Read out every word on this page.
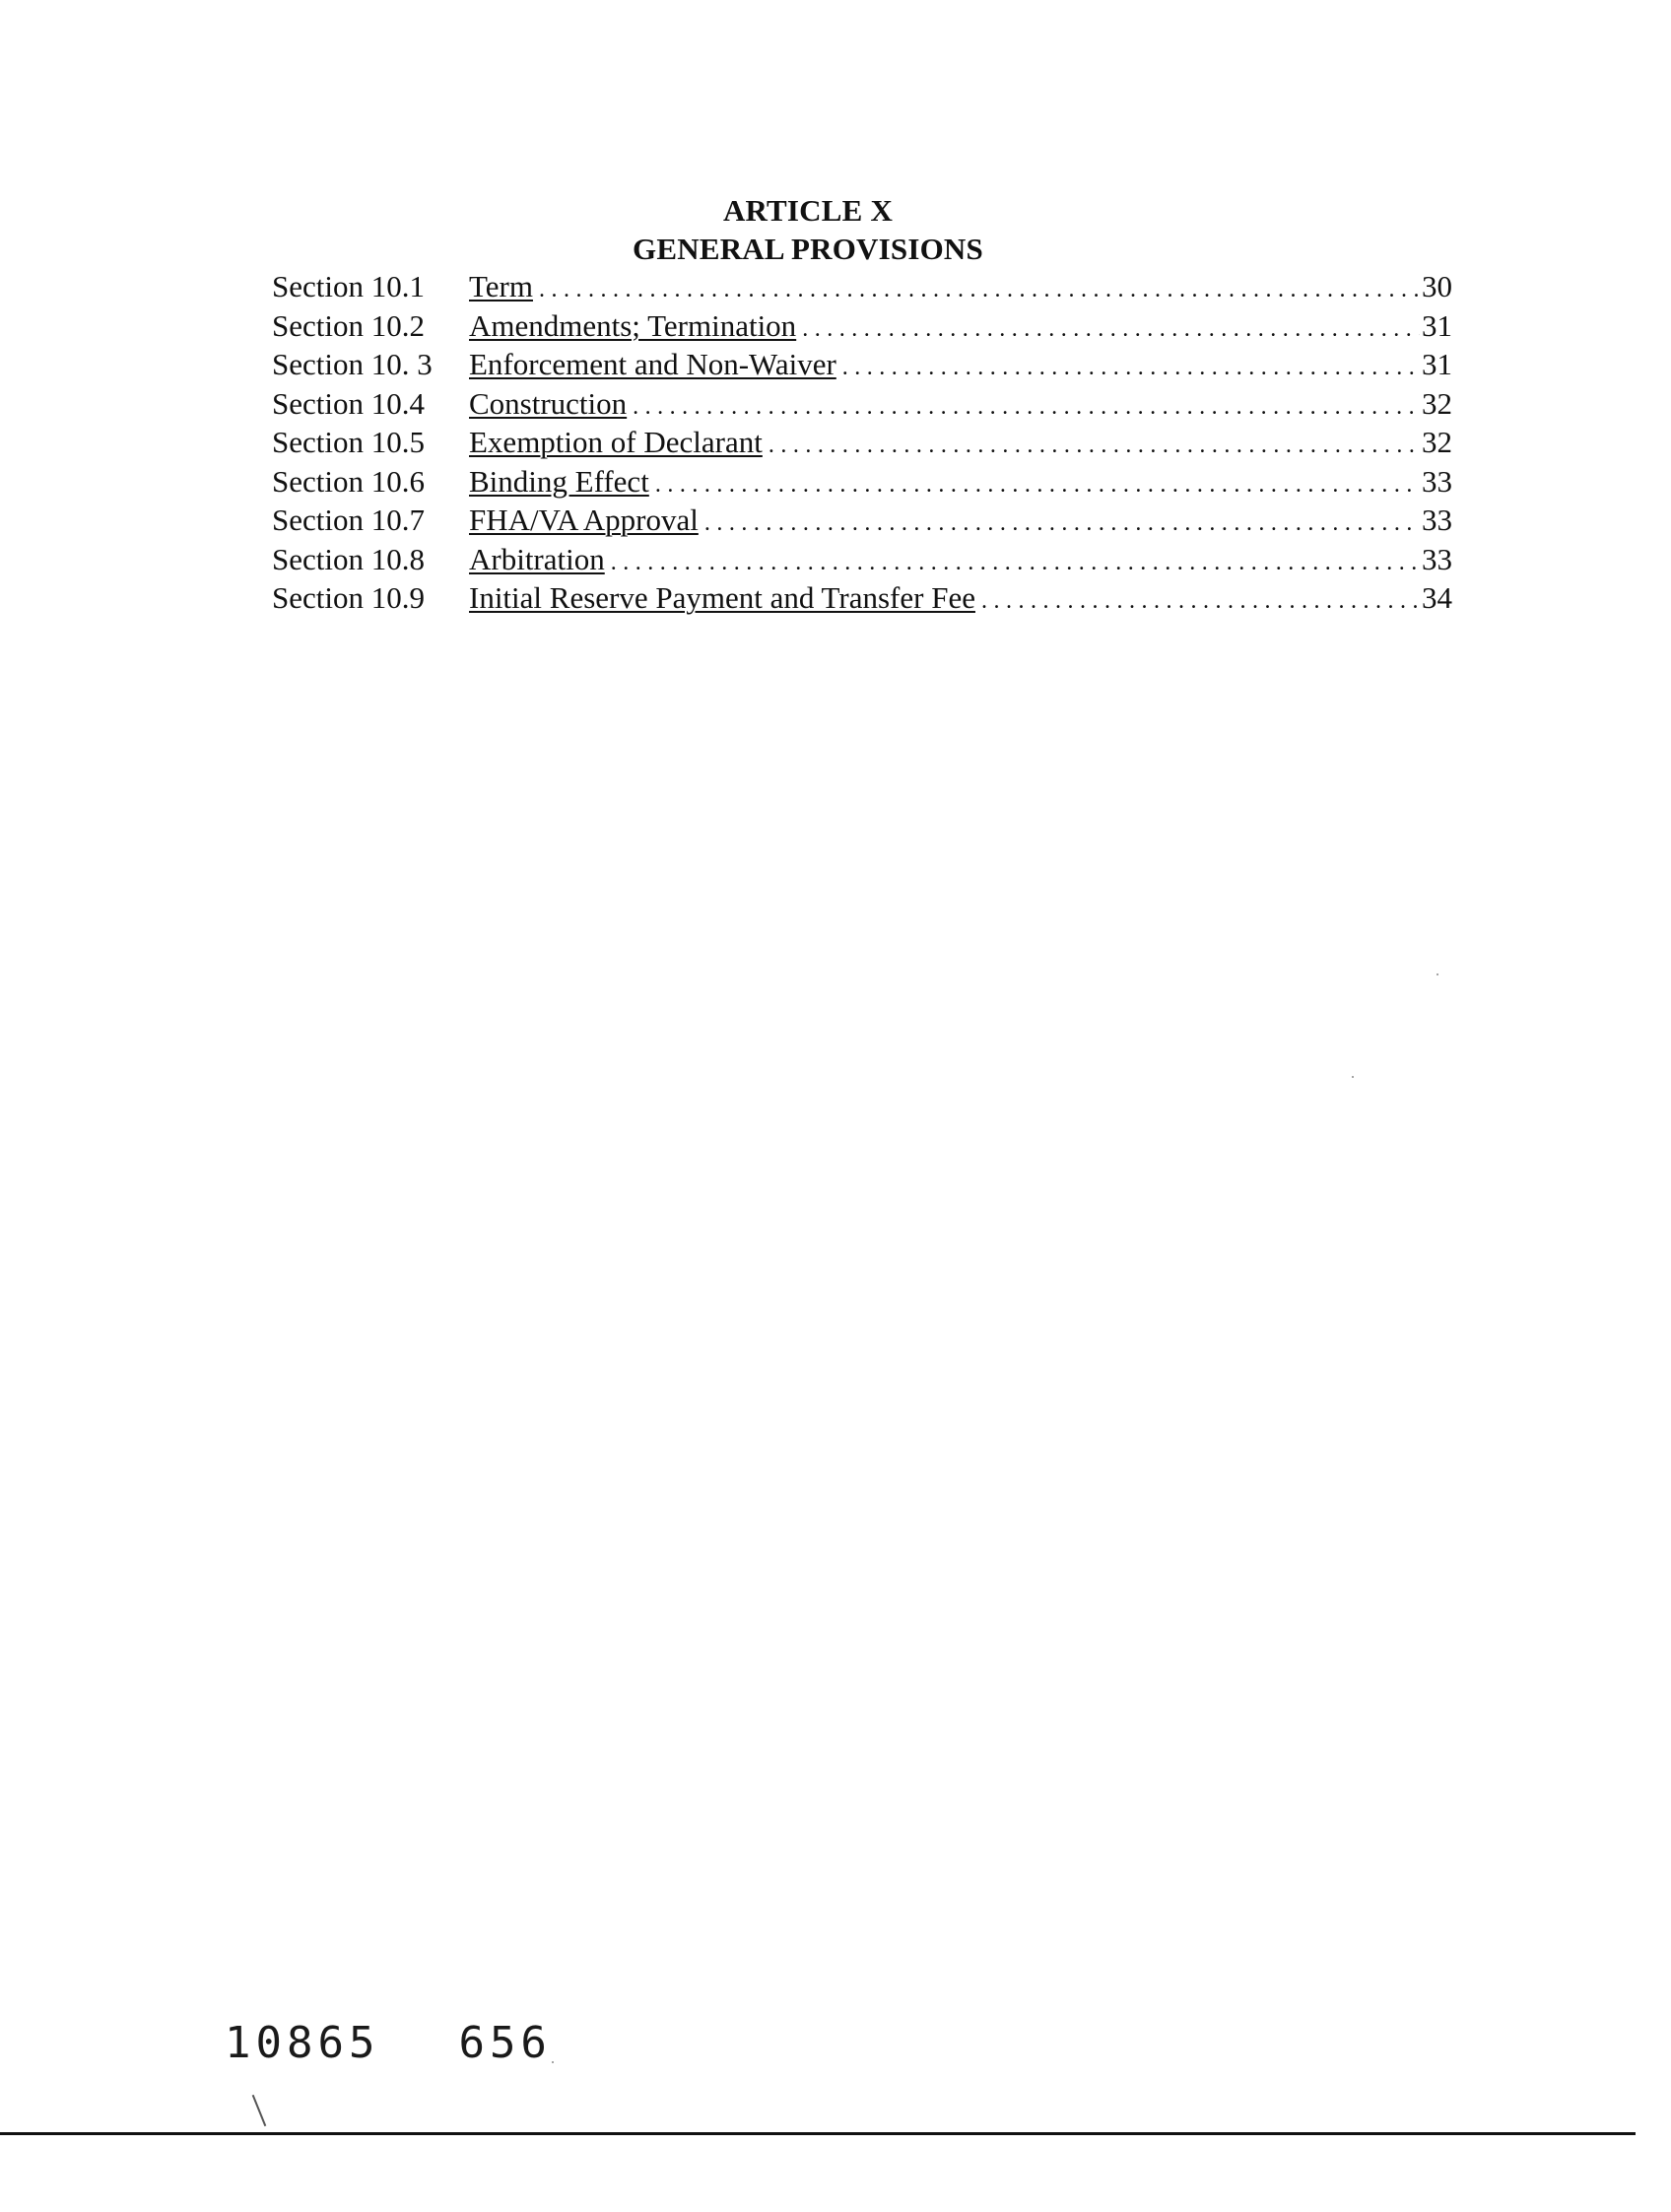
ARTICLE X
GENERAL PROVISIONS
Section 10.1	Term .....	30
Section 10.2	Amendments; Termination .....	31
Section 10. 3	Enforcement and Non-Waiver .....	31
Section 10.4	Construction .....	32
Section 10.5	Exemption of Declarant .....	32
Section 10.6	Binding Effect .....	33
Section 10.7	FHA/VA Approval .....	33
Section 10.8	Arbitration .....	33
Section 10.9	Initial Reserve Payment and Transfer Fee .....	34
10865 656
